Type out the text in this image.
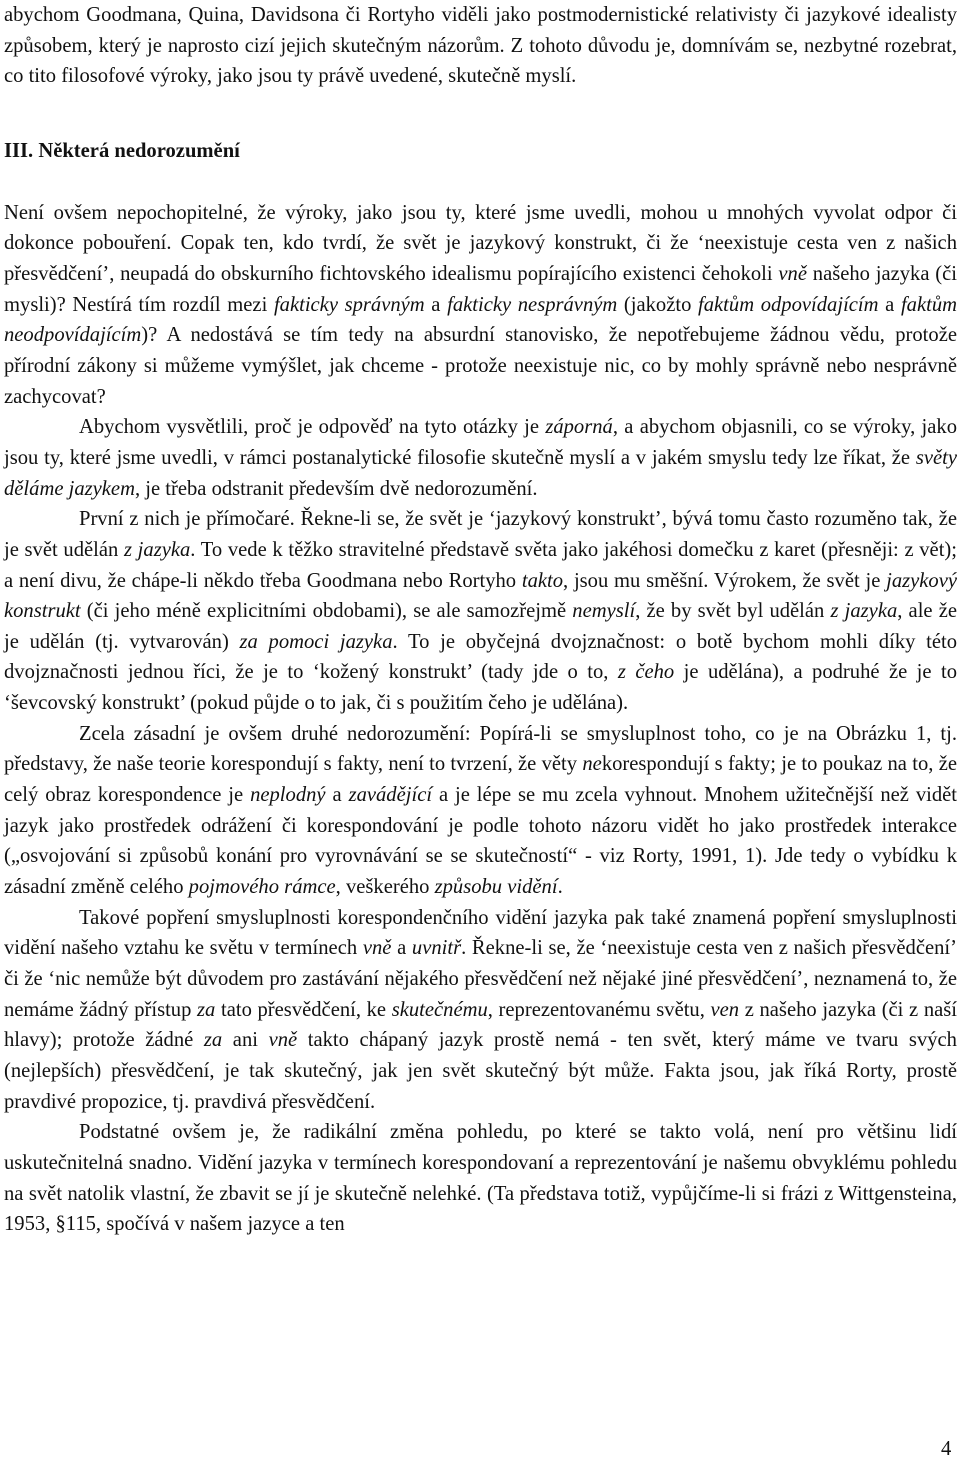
abychom Goodmana, Quina, Davidsona či Rortyho viděli jako postmodernistické relativisty či jazykové idealisty způsobem, který je naprosto cizí jejich skutečným názorům. Z tohoto důvodu je, domnívám se, nezbytné rozebrat, co tito filosofové výroky, jako jsou ty právě uvedené, skutečně myslí.

III. Některá nedorozumění

Není ovšem nepochopitelné, že výroky, jako jsou ty, které jsme uvedli, mohou u mnohých vyvolat odpor či dokonce pobouření. Copak ten, kdo tvrdí, že svět je jazykový konstrukt, či že ‘neexistuje cesta ven z našich přesvědčení’, neupadá do obskurního fichtovského idealismu popírajícího existenci čehokoli vně našeho jazyka (či mysli)? Nestírá tím rozdíl mezi fakticky správným a fakticky nesprávným (jakožto faktům odpovídajícím a faktům neodpovídajícím)? A nedostává se tím tedy na absurdní stanovisko, že nepotřebujeme žádnou vědu, protože přírodní zákony si můžeme vymýšlet, jak chceme - protože neexistuje nic, co by mohly správně nebo nesprávně zachycovat?

Abychom vysvětlili, proč je odpověď na tyto otázky je záporná, a abychom objasnili, co se výroky, jako jsou ty, které jsme uvedli, v rámci postanalytické filosofie skutečně myslí a v jakém smyslu tedy lze říkat, že světy děláme jazykem, je třeba odstranit především dvě nedorozumění.

První z nich je přímočaré. Řekne-li se, že svět je ‘jazykový konstrukt’, bývá tomu často rozuměno tak, že je svět udělán z jazyka. To vede k těžko stravitelné představě světa jako jakéhosi domečku z karet (přesněji: z vět); a není divu, že chápe-li někdo třeba Goodmana nebo Rortyho takto, jsou mu směšní. Výrokem, že svět je jazykový konstrukt (či jeho méně explicitními obdobami), se ale samozřejmě nemyslí, že by svět byl udělán z jazyka, ale že je udělán (tj. vytvarován) za pomoci jazyka. To je obyčejná dvojznačnost: o botě bychom mohli díky této dvojznačnosti jednou říci, že je to ‘kožený konstrukt’ (tady jde o to, z čeho je udělána), a podruhé že je to ‘ševcovský konstrukt’ (pokud půjde o to jak, či s použitím čeho je udělána).

Zcela zásadní je ovšem druhé nedorozumění: Popírá-li se smysluplnost toho, co je na Obrázku 1, tj. představy, že naše teorie korespondují s fakty, není to tvrzení, že věty nekorespondují s fakty; je to poukaz na to, že celý obraz korespondence je neplodný a zavádějící a je lépe se mu zcela vyhnout. Mnohem užitečnější než vidět jazyk jako prostředek odrážení či korespondování je podle tohoto názoru vidět ho jako prostředek interakce („osvojování si způsobů konání pro vyrovnávání se se skutečností“ - viz Rorty, 1991, 1). Jde tedy o vybídku k zásadní změně celého pojmového rámce, veškerého způsobu vidění.

Takové popření smysluplnosti korespondenčního vidění jazyka pak také znamená popření smysluplnosti vidění našeho vztahu ke světu v termínech vně a uvnitř. Řekne-li se, že ‘neexistuje cesta ven z našich přesvědčení’ či že ‘nic nemůže být důvodem pro zastávání nějakého přesvědčení než nějaké jiné přesvědčení’, neznamená to, že nemáme žádný přístup za tato přesvědčení, ke skutečnému, reprezentovanému světu, ven z našeho jazyka (či z naší hlavy); protože žádné za ani vně takto chápaný jazyk prostě nemá - ten svět, který máme ve tvaru svých (nejlepších) přesvědčení, je tak skutečný, jak jen svět skutečný být může. Fakta jsou, jak říká Rorty, prostě pravdivé propozice, tj. pravdivá přesvědčení.

Podstatné ovšem je, že radikální změna pohledu, po které se takto volá, není pro většinu lidí uskutečnitelná snadno. Vidění jazyka v termínech korespondovaní a reprezentování je našemu obvyklému pohledu na svět natolik vlastní, že zbavit se jí je skutečně nelehké. (Ta představa totiž, vypůjčíme-li si frázi z Wittgensteina, 1953, §115, spočívá v našem jazyce a ten

4
